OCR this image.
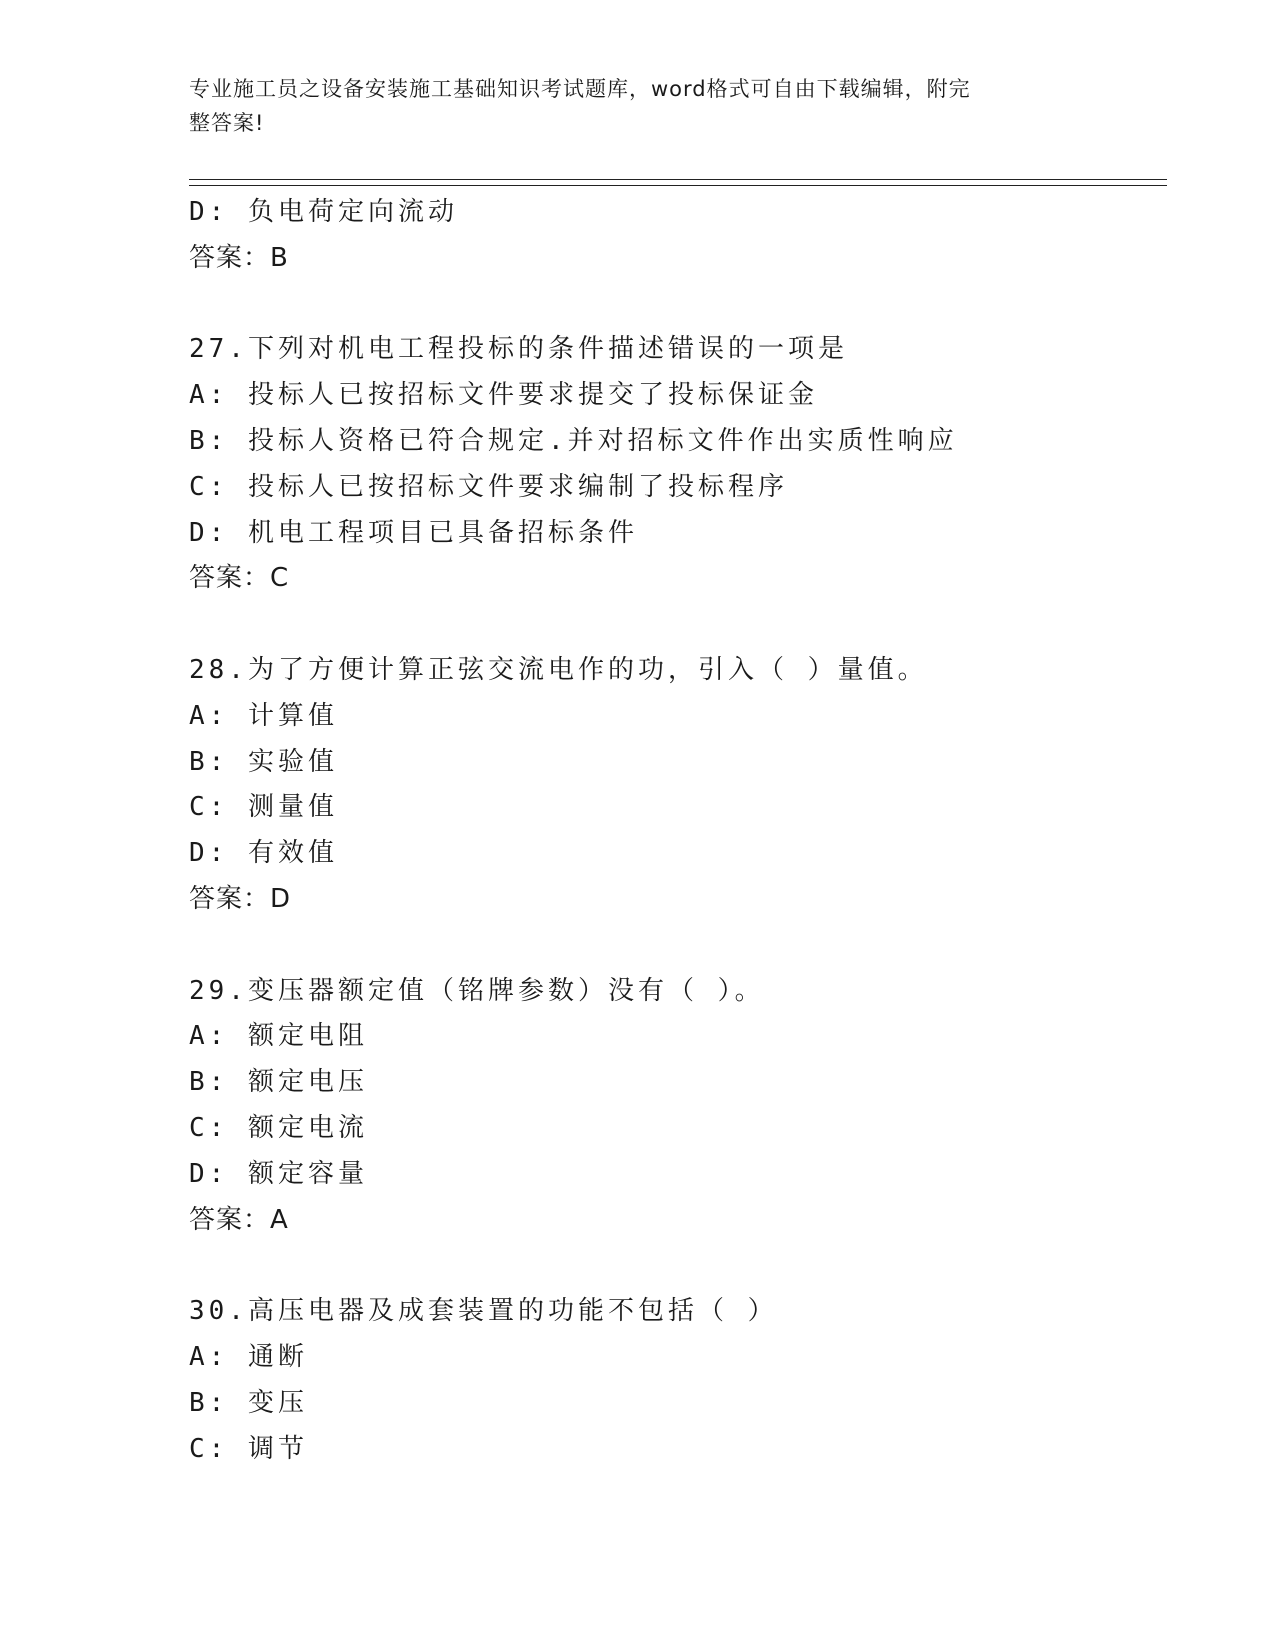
专业施工员之设备安装施工基础知识考试题库，word格式可自由下载编辑，附完
整答案!
D: 负电荷定向流动
答案：B
27.下列对机电工程投标的条件描述错误的一项是
A: 投标人已按招标文件要求提交了投标保证金
B: 投标人资格已符合规定.并对招标文件作出实质性响应
C: 投标人已按招标文件要求编制了投标程序
D: 机电工程项目已具备招标条件
答案：C
28.为了方便计算正弦交流电作的功，引入（ ）量值。
A: 计算值
B: 实验值
C: 测量值
D: 有效值
答案：D
29.变压器额定值（铭牌参数）没有（ ）。
A: 额定电阻
B: 额定电压
C: 额定电流
D: 额定容量
答案：A
30.高压电器及成套装置的功能不包括（ ）
A: 通断
B: 变压
C: 调节
